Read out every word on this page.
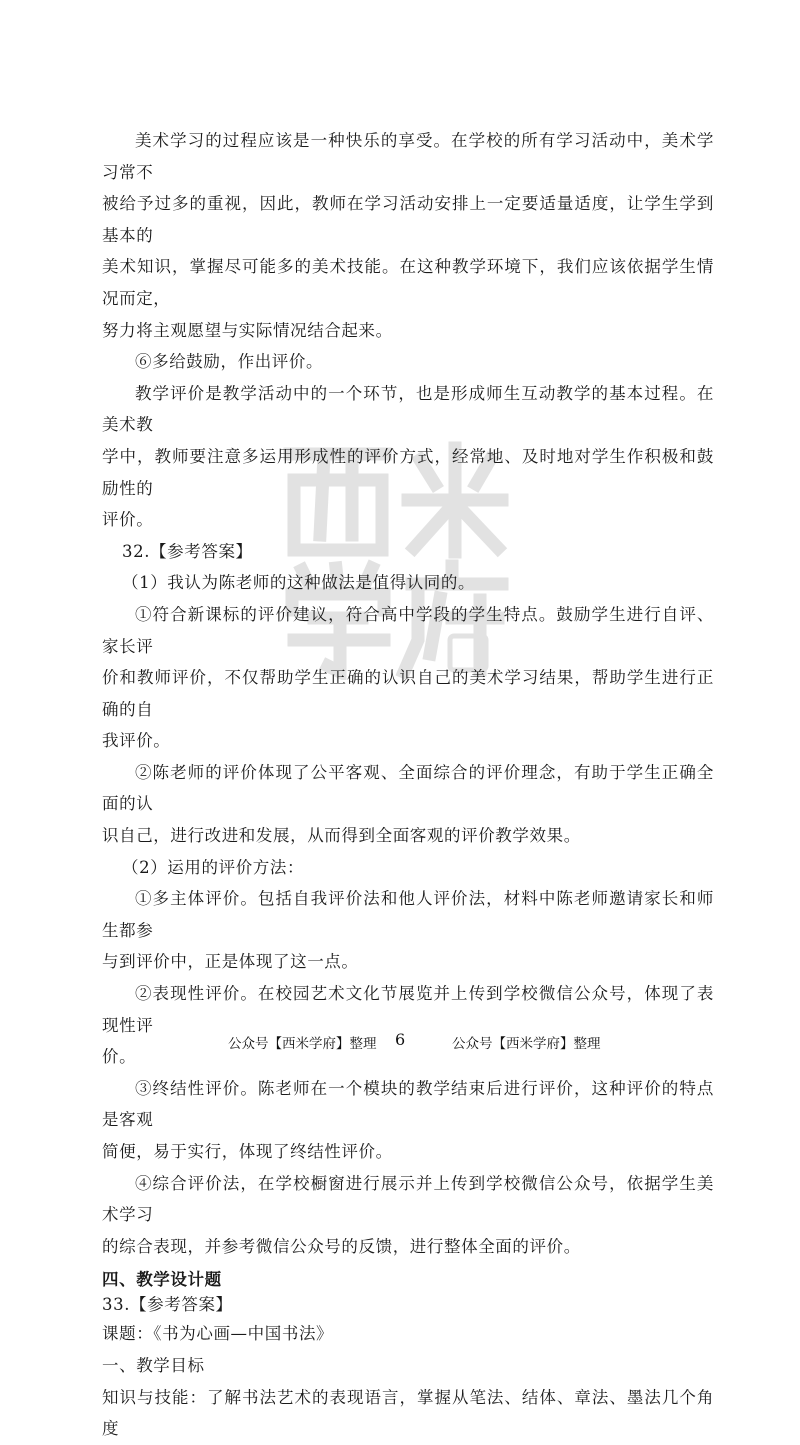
美术学习的过程应该是一种快乐的享受。在学校的所有学习活动中，美术学习常不

被给予过多的重视，因此，教师在学习活动安排上一定要适量适度，让学生学到基本的

美术知识，掌握尽可能多的美术技能。在这种教学环境下，我们应该依据学生情况而定，

努力将主观愿望与实际情况结合起来。

⑥多给鼓励，作出评价。

教学评价是教学活动中的一个环节，也是形成师生互动教学的基本过程。在美术教

学中，教师要注意多运用形成性的评价方式，经常地、及时地对学生作积极和鼓励性的

评价。

32.【参考答案】

（1）我认为陈老师的这种做法是值得认同的。

①符合新课标的评价建议，符合高中学段的学生特点。鼓励学生进行自评、家长评

价和教师评价，不仅帮助学生正确的认识自己的美术学习结果，帮助学生进行正确的自

我评价。

②陈老师的评价体现了公平客观、全面综合的评价理念，有助于学生正确全面的认

识自己，进行改进和发展，从而得到全面客观的评价教学效果。

（2）运用的评价方法：

①多主体评价。包括自我评价法和他人评价法，材料中陈老师邀请家长和师生都参

与到评价中，正是体现了这一点。

②表现性评价。在校园艺术文化节展览并上传到学校微信公众号，体现了表现性评

价。

③终结性评价。陈老师在一个模块的教学结束后进行评价，这种评价的特点是客观

简便，易于实行，体现了终结性评价。

④综合评价法，在学校橱窗进行展示并上传到学校微信公众号，依据学生美术学习

的综合表现，并参考微信公众号的反馈，进行整体全面的评价。

四、教学设计题

33.【参考答案】

课题：《书为心画—中国书法》

一、教学目标

知识与技能：了解书法艺术的表现语言，掌握从笔法、结体、章法、墨法几个角度

公众号【西米学府】整理 6	公众号【西米学府】整理
